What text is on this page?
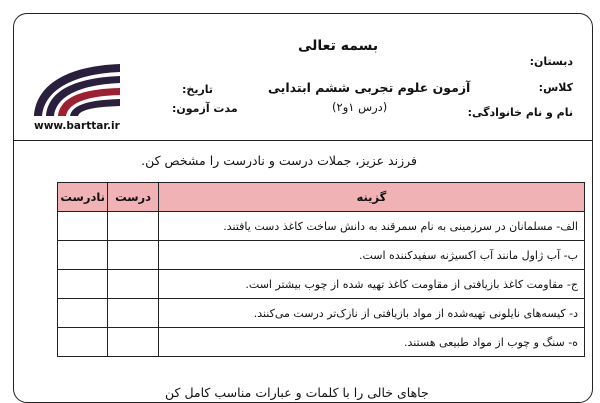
بسمه تعالی
دبستان:
آزمون علوم تجربی ششم ابتدایی	کلاس:
تاریخ:
(درس ۱و۲)	نام و نام خانوادگی:
مدت آزمون:
www.barttar.ir
فرزند عزیز، جملات درست و نادرست را مشخص کن.
گزینه	درست	نادرست
الف- مسلمانان در سرزمینی به نام سمرقند به دانش ساخت کاغذ دست یافتند.		
ب- آب ژاول مانند آب اکسیژنه سفیدکننده است.		
ج- مقاومت کاغذ بازیافتی از مقاومت کاغذ تهیه شده از چوب بیشتر است.		
د- کیسه‌های نایلونی تهیه‌شده از مواد بازیافتی از نازک‌تر درست می‌کنند.		
ه- سنگ و چوب از مواد طبیعی هستند.		
جاهای خالی را با کلمات و عبارات مناسب کامل کن
